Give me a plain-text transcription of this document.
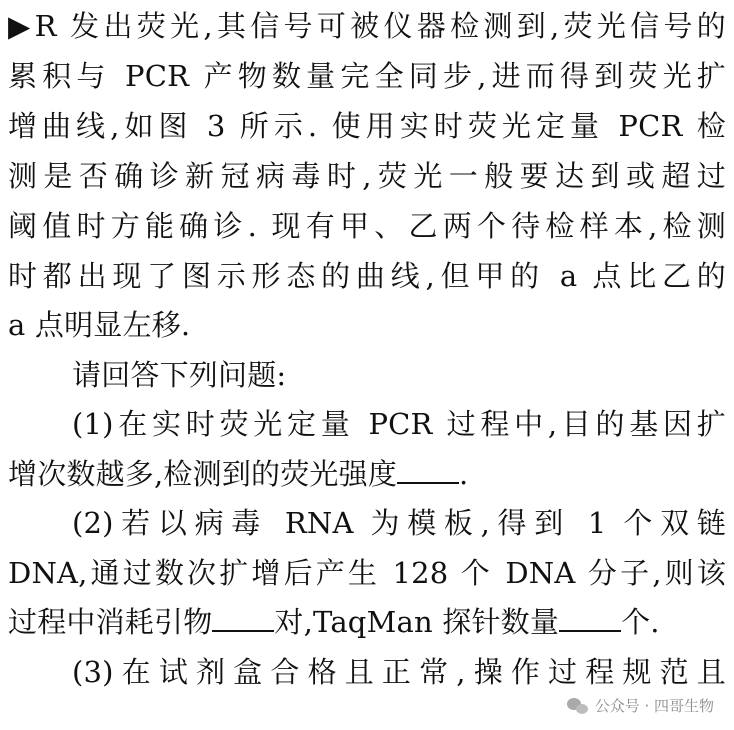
▶R 发出荧光,其信号可被仪器检测到,荧光信号的
累积与 PCR 产物数量完全同步,进而得到荧光扩
增曲线,如图 3 所示. 使用实时荧光定量 PCR 检
测是否确诊新冠病毒时,荧光一般要达到或超过
阈值时方能确诊. 现有甲、乙两个待检样本,检测
时都出现了图示形态的曲线,但甲的 a 点比乙的
a 点明显左移.
请回答下列问题:
(1)在实时荧光定量 PCR 过程中,目的基因扩
增次数越多,检测到的荧光强度 .
(2)若以病毒 RNA 为模板,得到 1 个双链
DNA,通过数次扩增后产生 128 个 DNA 分子,则该
过程中消耗引物 对,TaqMan 探针数量 个.
(3)在试剂盒合格且正常,操作过程规范且
公众号 · 四哥生物
